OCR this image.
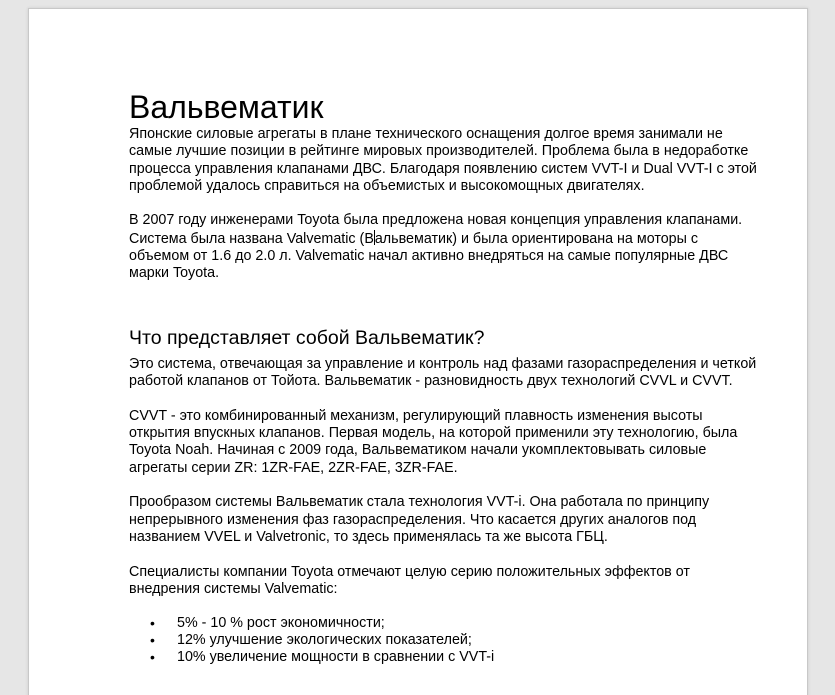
Вальвематик

Японские силовые агрегаты в плане технического оснащения долгое время занимали не самые лучшие позиции в рейтинге мировых производителей. Проблема была в недоработке процесса управления клапанами ДВС. Благодаря появлению систем VVT-I и Dual VVT-I с этой проблемой удалось справиться на объемистых и высокомощных двигателях.

В 2007 году инженерами Toyota была предложена новая концепция управления клапанами. Система была названа Valvematic (Вальвематик) и была ориентирована на моторы с объемом от 1.6 до 2.0 л. Valvematic начал активно внедряться на самые популярные ДВС марки Toyota.

Что представляет собой Вальвематик?

Это система, отвечающая за управление и контроль над фазами газораспределения и четкой работой клапанов от Тойота. Вальвематик - разновидность двух технологий CVVL и CVVT.

CVVT - это комбинированный механизм, регулирующий плавность изменения высоты открытия впускных клапанов. Первая модель, на которой применили эту технологию, была Toyota Noah. Начиная с 2009 года, Вальвематиком начали укомплектовывать силовые агрегаты серии ZR: 1ZR-FAE, 2ZR-FAE, 3ZR-FAE.

Прообразом системы Вальвематик стала технология VVT-i. Она работала по принципу непрерывного изменения фаз газораспределения. Что касается других аналогов под названием VVEL и Valvetronic, то здесь применялась та же высота ГБЦ.

Специалисты компании Toyota отмечают целую серию положительных эффектов от внедрения системы Valvematic:

• 5% - 10 % рост экономичности;
• 12% улучшение экологических показателей;
• 10% увеличение мощности в сравнении с VVT-i
